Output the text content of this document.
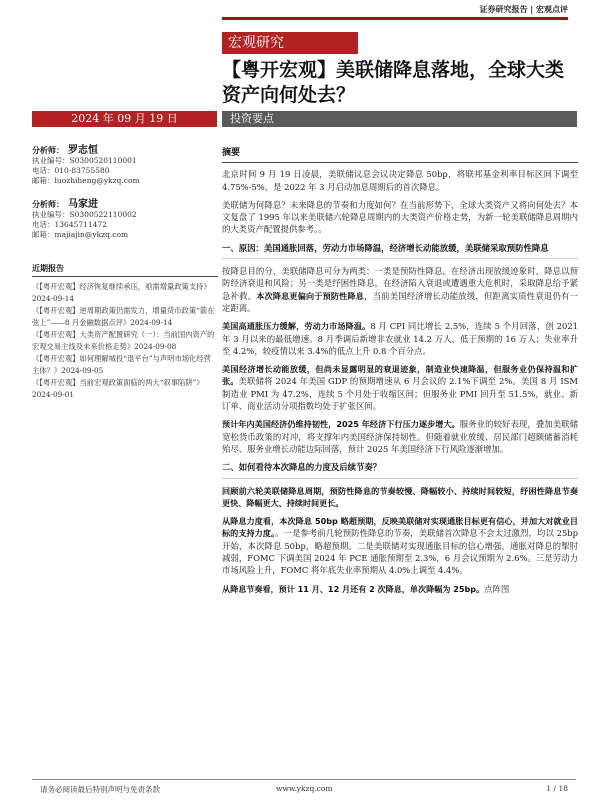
证券研究报告 | 宏观点评
宏观研究
【粤开宏观】美联储降息落地，全球大类资产向何处去？
2024 年 09 月 19 日	投资要点
分析师： 罗志恒
执业编号：S0300520110001
电话：010-83755580
邮箱：luozhiheng@ykzq.com
分析师： 马家进
执业编号：S0300522110002
电话：13645711472
邮箱：majiajin@ykzq.com
近期报告
《【粤开宏观】经济恢复继续承压，亟需增量政策支持》2024-09-14
《【粤开宏观】逆周期政策仍需发力，增量货币政策“箭在弦上”——8 月金融数据点评》2024-09-14
《【粤开宏观】大类资产配置研究（一）：当前国内资产的宏观交易主线及未来价格走势》2024-09-08
《【粤开宏观】如何理解城投“退平台”与声明市场化经营主体？》2024-09-05
《【粤开宏观】当前宏观政策面临的两大“叙事陷阱”》2024-09-01
摘要

北京时间 9 月 19 日凌晨，美联储议息会议决定降息 50bp，将联邦基金利率目标区间下调至 4.75%-5%，是 2022 年 3 月启动加息周期后的首次降息。

美联储为何降息？未来降息的节奏和力度如何？在当前形势下，全球大类资产又将向何处去？本文复盘了 1995 年以来美联储六轮降息周期内的大类资产价格走势，为新一轮美联储降息周期内的大类资产配置提供参考。。

一、原因：美国通胀回落，劳动力市场降温，经济增长动能放缓，美联储采取预防性降息

按降息目的分，美联储降息可分为两类：一类是预防性降息，在经济出现放缓迹象时，降息以预防经济衰退和风险；另一类是纾困性降息，在经济陷入衰退或遭遇重大危机时，采取降息给予紧急补救。本次降息更偏向于预防性降息，当前美国经济增长动能放缓，但距离实质性衰退仍有一定距离。

美国高通胀压力缓解，劳动力市场降温。8 月 CPI 同比增长 2.5%，连续 5 个月回落，创 2021 年 3 月以来的最低增速。8 月季调后新增非农就业 14.2 万人，低于预期的 16 万人；失业率升至 4.2%，较疫情以来 3.4%的低点上升 0.8 个百分点。

美国经济增长动能放缓，但尚未显露明显的衰退迹象，制造业快速降温，但服务业仍保持温和扩张。美联储将 2024 年美国 GDP 的预期增速从 6 月会议的 2.1%下调至 2%。美国 8 月 ISM 制造业 PMI 为 47.2%，连续 5 个月处于收缩区间；但服务业 PMI 回升至 51.5%，就业、新订单、商业活动分项指数均处于扩张区间。

预计年内美国经济仍维持韧性，2025 年经济下行压力逐步增大。服务业的较好表现，叠加美联储宽松货币政策的对冲，将支撑年内美国经济保持韧性。但随着就业放缓、居民部门超额储蓄消耗殆尽、服务业增长动能边际回落，预计 2025 年美国经济下行风险逐渐增加。

二、如何看待本次降息的力度及后续节奏？

回顾前六轮美联储降息周期，预防性降息的节奏较慢、降幅较小、持续时间较短，纾困性降息节奏更快、降幅更大、持续时间更长。

从降息力度看，本次降息 50bp 略超预期，反映美联储对实现通胀目标更有信心，并加大对就业目标的支持力度。。一是参考前几轮预防性降息的节奏，美联储首次降息不会太过激烈，均以 25bp 开始，本次降息 50bp，略超预期。二是美联储对实现通胀目标的信心增强，通胀对降息的掣肘减弱，FOMC 下调美国 2024 年 PCE 通胀预期至 2.3%，6 月会议预期为 2.6%。三是劳动力市场风险上升，FOMC 将年底失业率预期从 4.0%上调至 4.4%。

从降息节奏看，预计 11 月、12 月还有 2 次降息，单次降幅为 25bp。点阵图

请务必阅读最后特别声明与免责条款	www.ykzq.com	1 / 18
